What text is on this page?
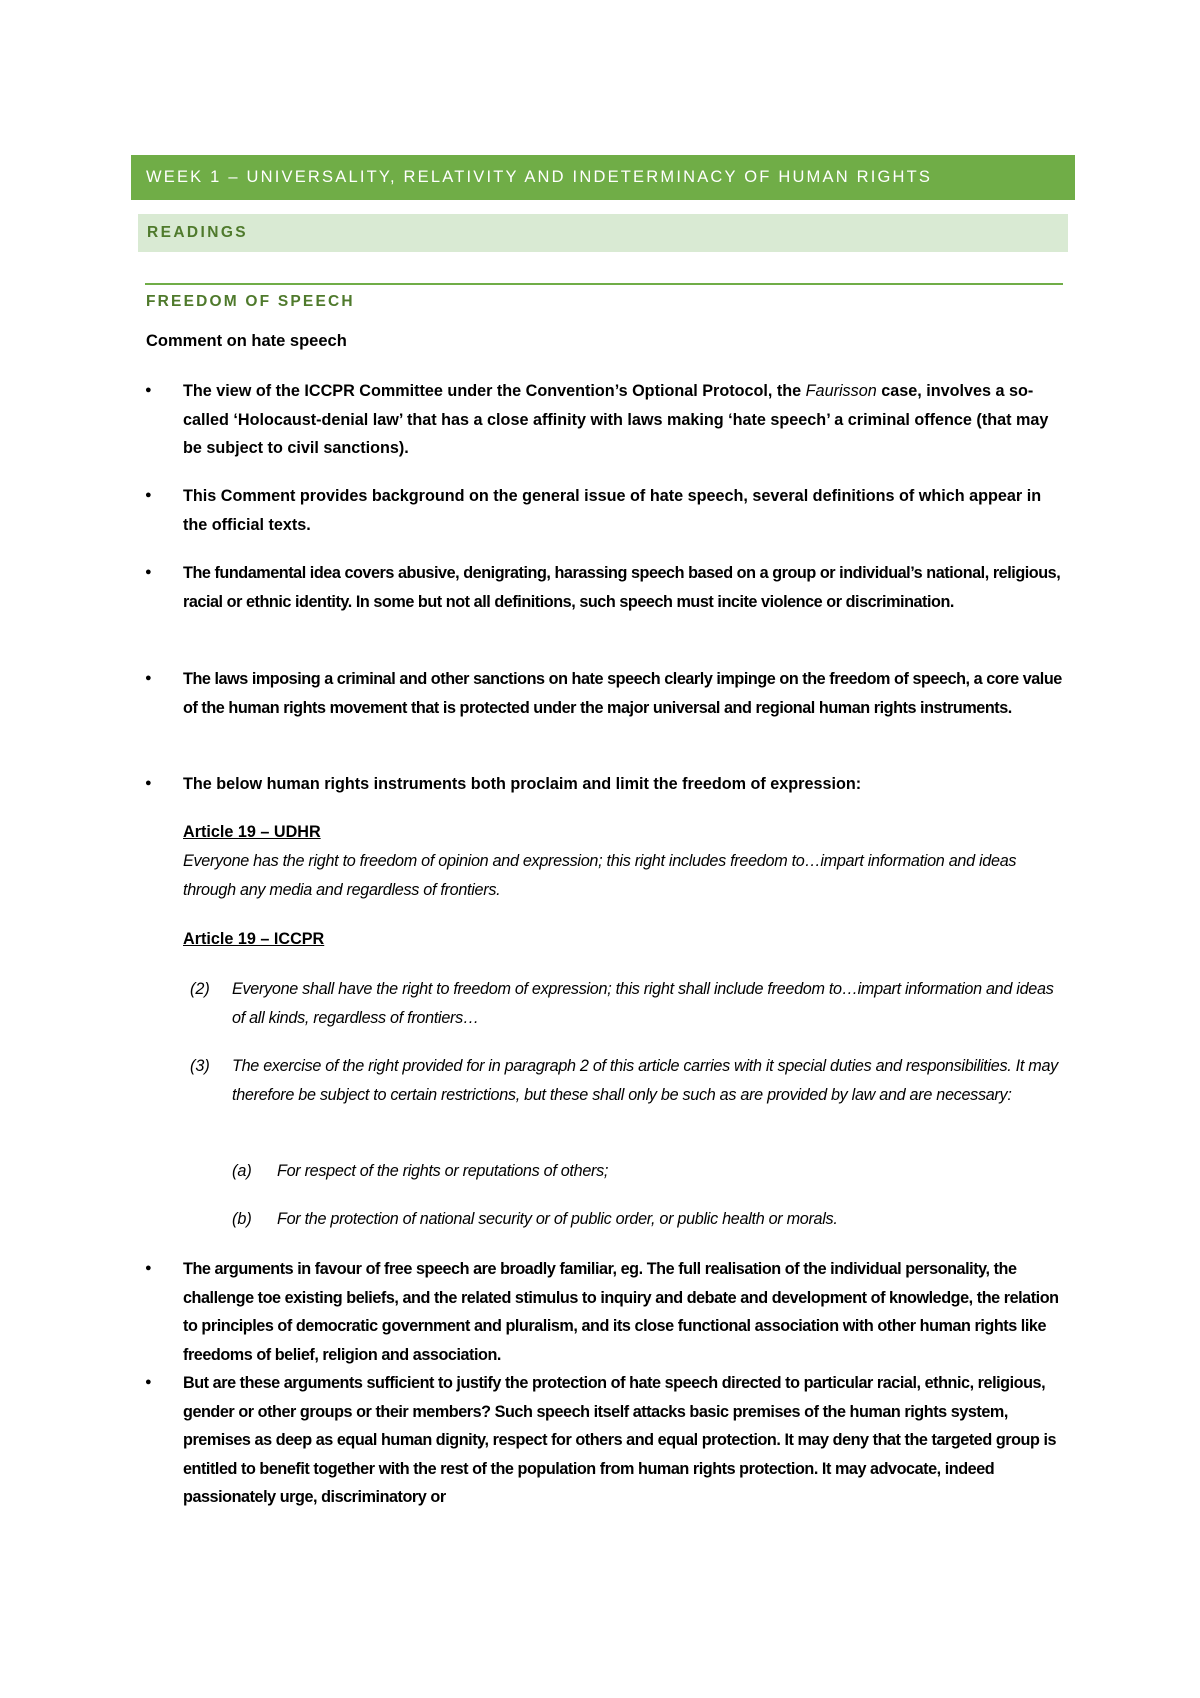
WEEK 1 – UNIVERSALITY, RELATIVITY AND INDETERMINACY OF HUMAN RIGHTS
READINGS
FREEDOM OF SPEECH
Comment on hate speech
● The view of the ICCPR Committee under the Convention’s Optional Protocol, the Faurisson case, involves a so-called ‘Holocaust-denial law’ that has a close affinity with laws making ‘hate speech’ a criminal offence (that may be subject to civil sanctions).
● This Comment provides background on the general issue of hate speech, several definitions of which appear in the official texts.
● The fundamental idea covers abusive, denigrating, harassing speech based on a group or individual’s national, religious, racial or ethnic identity. In some but not all definitions, such speech must incite violence or discrimination.
● The laws imposing a criminal and other sanctions on hate speech clearly impinge on the freedom of speech, a core value of the human rights movement that is protected under the major universal and regional human rights instruments.
● The below human rights instruments both proclaim and limit the freedom of expression:
Article 19 – UDHR
Everyone has the right to freedom of opinion and expression; this right includes freedom to…impart information and ideas through any media and regardless of frontiers.
Article 19 – ICCPR
(2) Everyone shall have the right to freedom of expression; this right shall include freedom to…impart information and ideas of all kinds, regardless of frontiers…
(3) The exercise of the right provided for in paragraph 2 of this article carries with it special duties and responsibilities. It may therefore be subject to certain restrictions, but these shall only be such as are provided by law and are necessary:
(a) For respect of the rights or reputations of others;
(b) For the protection of national security or of public order, or public health or morals.
● The arguments in favour of free speech are broadly familiar, eg. The full realisation of the individual personality, the challenge toe existing beliefs, and the related stimulus to inquiry and debate and development of knowledge, the relation to principles of democratic government and pluralism, and its close functional association with other human rights like freedoms of belief, religion and association.
● But are these arguments sufficient to justify the protection of hate speech directed to particular racial, ethnic, religious, gender or other groups or their members? Such speech itself attacks basic premises of the human rights system, premises as deep as equal human dignity, respect for others and equal protection. It may deny that the targeted group is entitled to benefit together with the rest of the population from human rights protection. It may advocate, indeed passionately urge, discriminatory or
